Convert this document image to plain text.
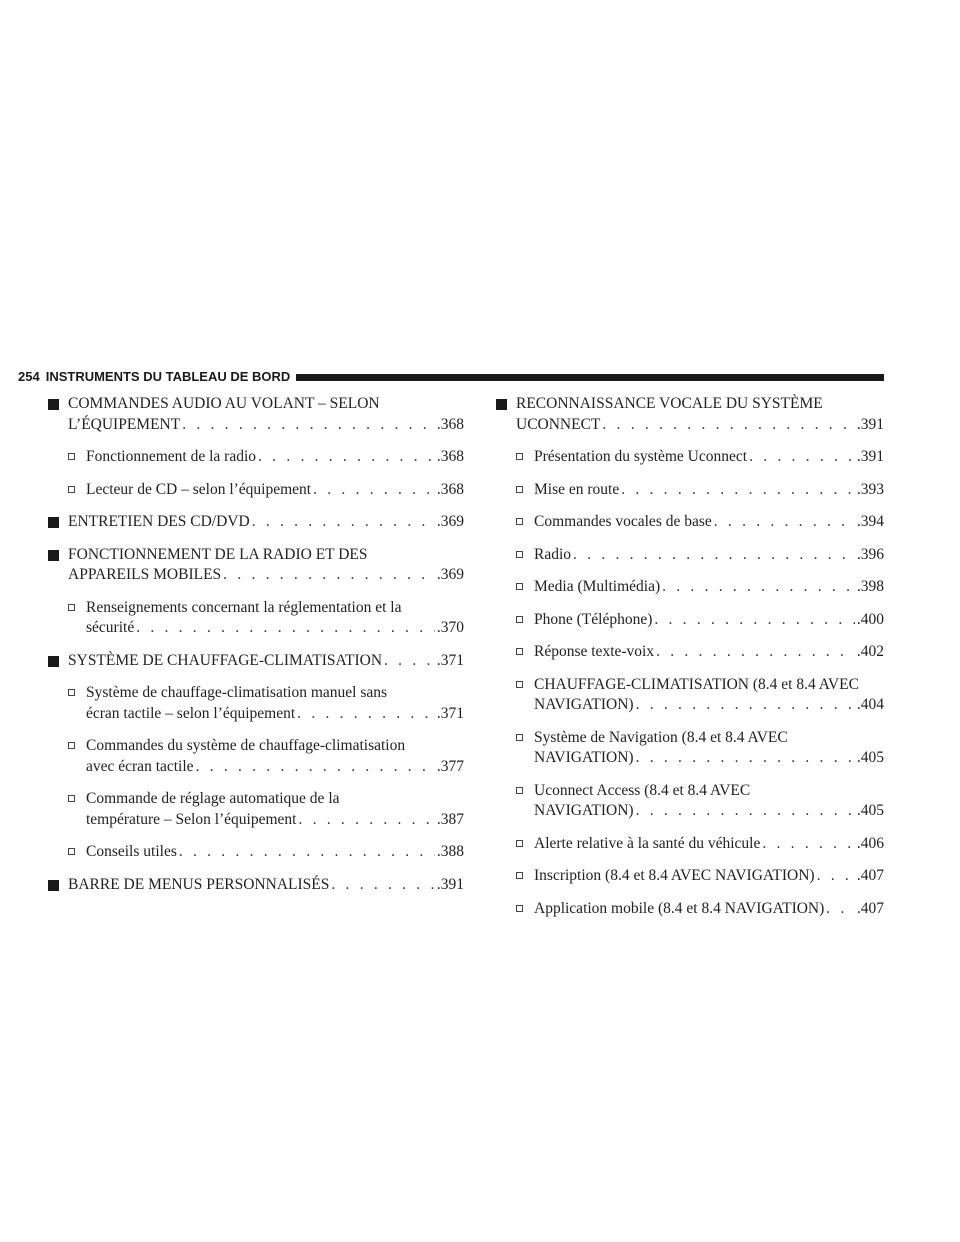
254 INSTRUMENTS DU TABLEAU DE BORD
COMMANDES AUDIO AU VOLANT – SELON
L’ÉQUIPEMENT . . .	.368
Fonctionnement de la radio . . .	.368
Lecteur de CD – selon l’équipement . . .	.368
ENTRETIEN DES CD/DVD . . .	.369
FONCTIONNEMENT DE LA RADIO ET DES
APPAREILS MOBILES . . .	.369
Renseignements concernant la réglementation et la
sécurité . . .	.370
SYSTÈME DE CHAUFFAGE-CLIMATISATION . . .	.371
Système de chauffage-climatisation manuel sans
écran tactile – selon l’équipement . . .	.371
Commandes du système de chauffage-climatisation
avec écran tactile . . .	.377
Commande de réglage automatique de la
température – Selon l’équipement . . .	.387
Conseils utiles . . .	.388
BARRE DE MENUS PERSONNALISÉS . . .	.391
RECONNAISSANCE VOCALE DU SYSTÈME
UCONNECT . . .	.391
Présentation du système Uconnect . . .	.391
Mise en route . . .	.393
Commandes vocales de base . . .	.394
Radio . . .	.396
Media (Multimédia) . . .	.398
Phone (Téléphone) . . .	.400
Réponse texte-voix . . .	.402
CHAUFFAGE-CLIMATISATION (8.4 et 8.4 AVEC
NAVIGATION) . . .	.404
Système de Navigation (8.4 et 8.4 AVEC
NAVIGATION) . . .	.405
Uconnect Access (8.4 et 8.4 AVEC
NAVIGATION) . . .	.405
Alerte relative à la santé du véhicule . . .	.406
Inscription (8.4 et 8.4 AVEC NAVIGATION) . . .	.407
Application mobile (8.4 et 8.4 NAVIGATION) . . . .407
